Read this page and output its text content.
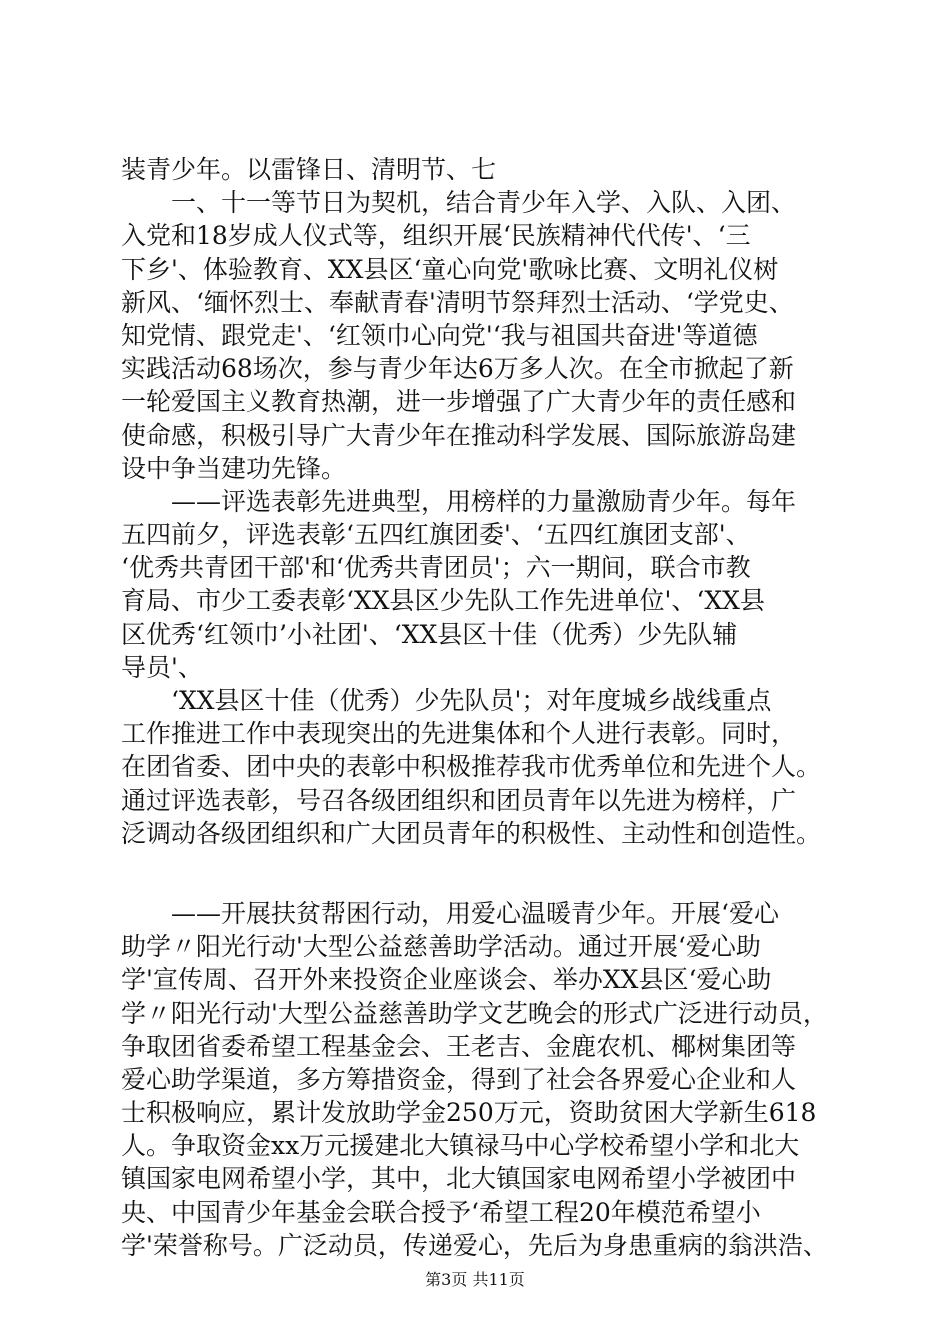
装青少年。以雷锋日、清明节、七
　　一、十一等节日为契机，结合青少年入学、入队、入团、
入党和18岁成人仪式等，组织开展‘民族精神代代传'、‘三
下乡'、体验教育、XX县区‘童心向党'歌咏比赛、文明礼仪树
新风、‘缅怀烈士、奉献青春'清明节祭拜烈士活动、‘学党史、
知党情、跟党走'、‘红领巾心向党'‘我与祖国共奋进'等道德
实践活动68场次，参与青少年达6万多人次。在全市掀起了新
一轮爱国主义教育热潮，进一步增强了广大青少年的责任感和
使命感，积极引导广大青少年在推动科学发展、国际旅游岛建
设中争当建功先锋。
　　——评选表彰先进典型，用榜样的力量激励青少年。每年
五四前夕，评选表彰‘五四红旗团委'、‘五四红旗团支部'、
‘优秀共青团干部'和‘优秀共青团员'；六一期间，联合市教
育局、市少工委表彰‘XX县区少先队工作先进单位'、‘XX县
区优秀‘红领巾’小社团'、‘XX县区十佳（优秀）少先队辅
导员'、
　　‘XX县区十佳（优秀）少先队员'；对年度城乡战线重点
工作推进工作中表现突出的先进集体和个人进行表彰。同时，
在团省委、团中央的表彰中积极推荐我市优秀单位和先进个人。
通过评选表彰，号召各级团组织和团员青年以先进为榜样，广
泛调动各级团组织和广大团员青年的积极性、主动性和创造性。
　　——开展扶贫帮困行动，用爱心温暖青少年。开展‘爱心
助学〃阳光行动'大型公益慈善助学活动。通过开展‘爱心助
学'宣传周、召开外来投资企业座谈会、举办XX县区‘爱心助
学〃阳光行动'大型公益慈善助学文艺晚会的形式广泛进行动员，
争取团省委希望工程基金会、王老吉、金鹿农机、椰树集团等
爱心助学渠道，多方筹措资金，得到了社会各界爱心企业和人
士积极响应，累计发放助学金250万元，资助贫困大学新生618
人。争取资金xx万元援建北大镇禄马中心学校希望小学和北大
镇国家电网希望小学，其中，北大镇国家电网希望小学被团中
央、中国青少年基金会联合授予‘希望工程20年模范希望小
学'荣誉称号。广泛动员，传递爱心，先后为身患重病的翁洪浩、
第3页 共11页
